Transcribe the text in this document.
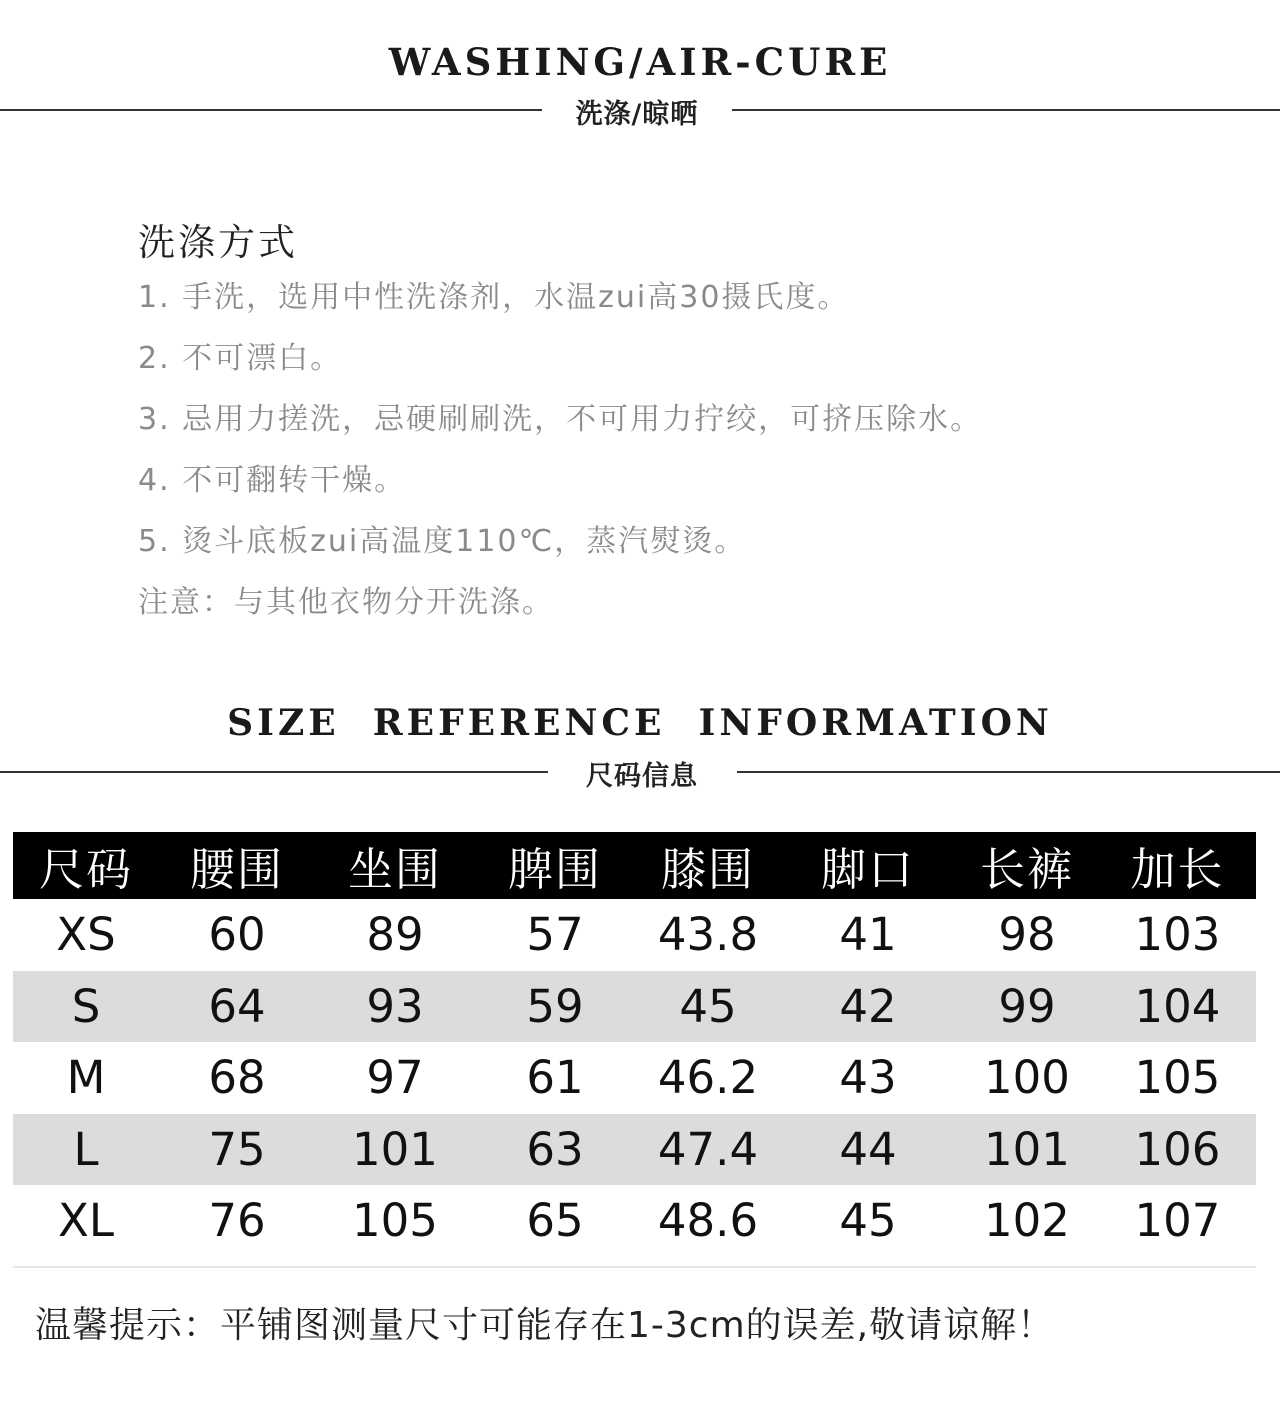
WASHING/AIR-CURE
洗涤/晾晒
洗涤方式
1. 手洗，选用中性洗涤剂，水温zui高30摄氏度。
2. 不可漂白。
3. 忌用力搓洗，忌硬刷刷洗，不可用力拧绞，可挤压除水。
4. 不可翻转干燥。
5. 烫斗底板zui高温度110℃，蒸汽熨烫。
注意：与其他衣物分开洗涤。
SIZE  REFERENCE  INFORMATION
尺码信息
尺码	腰围	坐围	脾围	膝围	脚口	长裤	加长
XS	60	89	57	43.8	41	98	103
S	64	93	59	45	42	99	104
M	68	97	61	46.2	43	100	105
L	75	101	63	47.4	44	101	106
XL	76	105	65	48.6	45	102	107
温馨提示：平铺图测量尺寸可能存在1-3cm的误差,敬请谅解！
